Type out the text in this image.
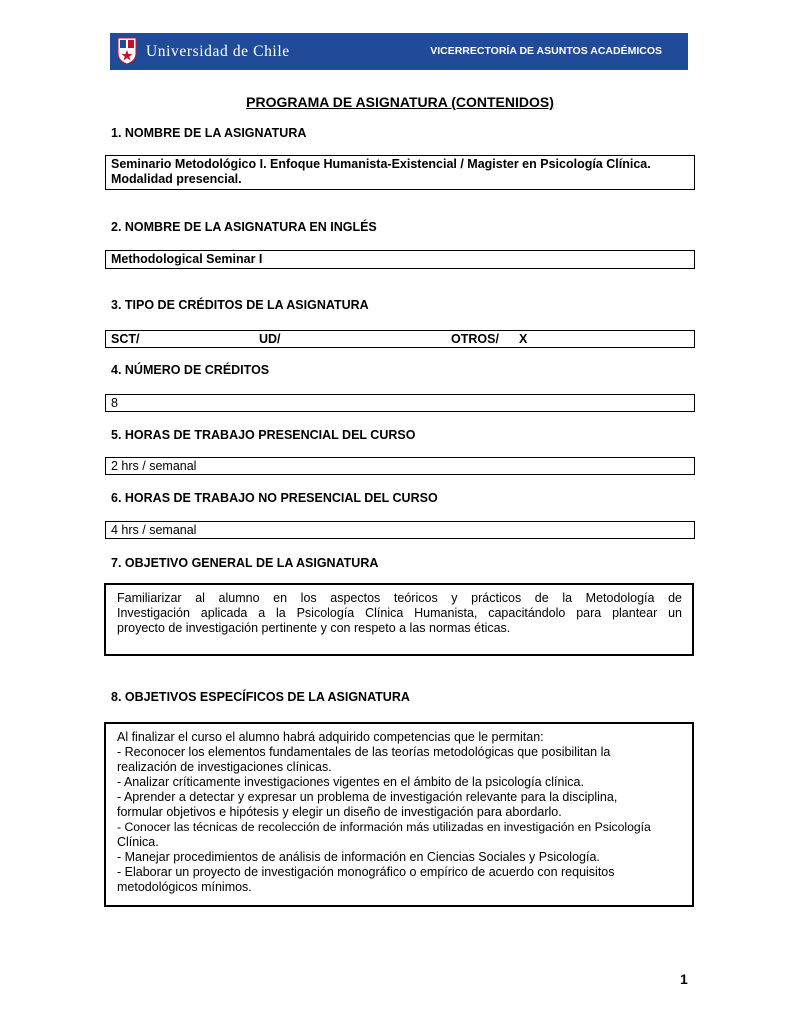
Universidad de Chile	VICERRECTORÍA DE ASUNTOS ACADÉMICOS
PROGRAMA DE ASIGNATURA (CONTENIDOS)
1. NOMBRE DE LA ASIGNATURA
Seminario Metodológico I. Enfoque Humanista-Existencial / Magister en Psicología Clínica.
Modalidad presencial.
2. NOMBRE DE LA ASIGNATURA EN INGLÉS
Methodological Seminar I
3. TIPO DE CRÉDITOS DE LA ASIGNATURA
SCT/	UD/	OTROS/ X
4. NÚMERO DE CRÉDITOS
8
5. HORAS DE TRABAJO PRESENCIAL DEL CURSO
2 hrs / semanal
6. HORAS DE TRABAJO NO PRESENCIAL DEL CURSO
4 hrs / semanal
7. OBJETIVO GENERAL DE LA ASIGNATURA
Familiarizar al alumno en los aspectos teóricos y prácticos de la Metodología de
Investigación aplicada a la Psicología Clínica Humanista, capacitándolo para plantear un
proyecto de investigación pertinente y con respeto a las normas éticas.
8. OBJETIVOS ESPECÍFICOS DE LA ASIGNATURA
Al finalizar el curso el alumno habrá adquirido competencias que le permitan:
- Reconocer los elementos fundamentales de las teorías metodológicas que posibilitan la
realización de investigaciones clínicas.
- Analizar críticamente investigaciones vigentes en el ámbito de la psicología clínica.
- Aprender a detectar y expresar un problema de investigación relevante para la disciplina,
formular objetivos e hipótesis y elegir un diseño de investigación para abordarlo.
- Conocer las técnicas de recolección de información más utilizadas en investigación en Psicología
Clínica.
- Manejar procedimientos de análisis de información en Ciencias Sociales y Psicología.
- Elaborar un proyecto de investigación monográfico o empírico de acuerdo con requisitos
metodológicos mínimos.
1
